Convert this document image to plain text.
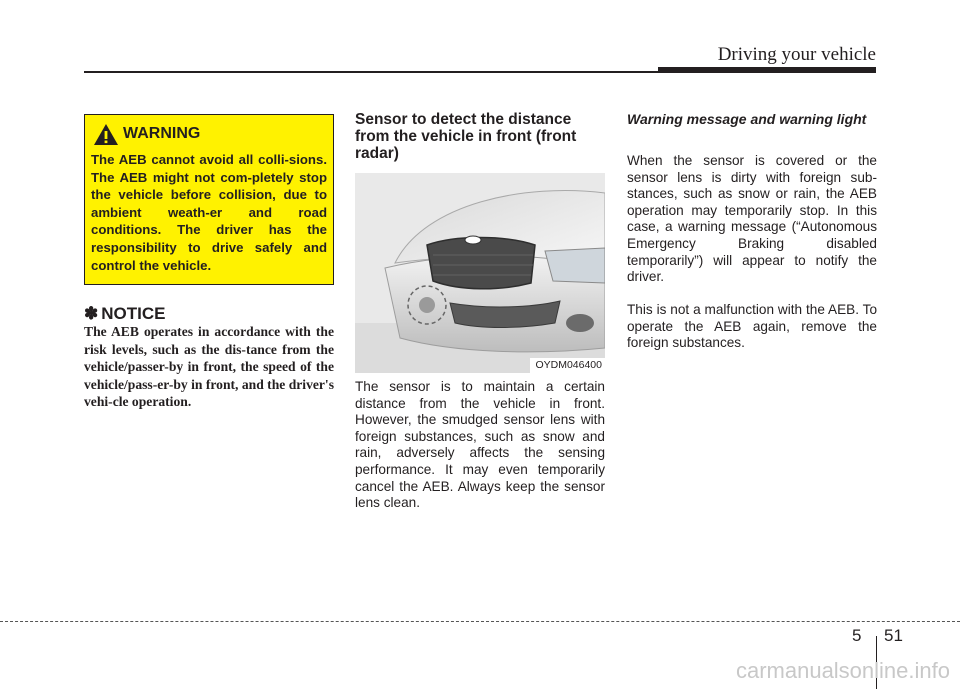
Driving your vehicle
WARNING

The AEB cannot avoid all colli-sions. The AEB might not com-pletely stop the vehicle before collision, due to ambient weath-er and road conditions. The driver has the responsibility to drive safely and control the vehicle.

✽ NOTICE

The AEB operates in accordance with the risk levels, such as the dis-tance from the vehicle/passer-by in front, the speed of the vehicle/pass-er-by in front, and the driver's vehi-cle operation.

Sensor to detect the distance from the vehicle in front (front radar)
OYDM046400

The sensor is to maintain a certain distance from the vehicle in front. However, the smudged sensor lens with foreign substances, such as snow and rain, adversely affects the sensing performance. It may even temporarily cancel the AEB. Always keep the sensor lens clean.

Warning message and warning light

When the sensor is covered or the sensor lens is dirty with foreign sub-stances, such as snow or rain, the AEB operation may temporarily stop. In this case, a warning message (“Autonomous Emergency Braking disabled temporarily”) will appear to notify the driver.

This is not a malfunction with the AEB. To operate the AEB again, remove the foreign substances.

5 51
carmanualsonline.info
